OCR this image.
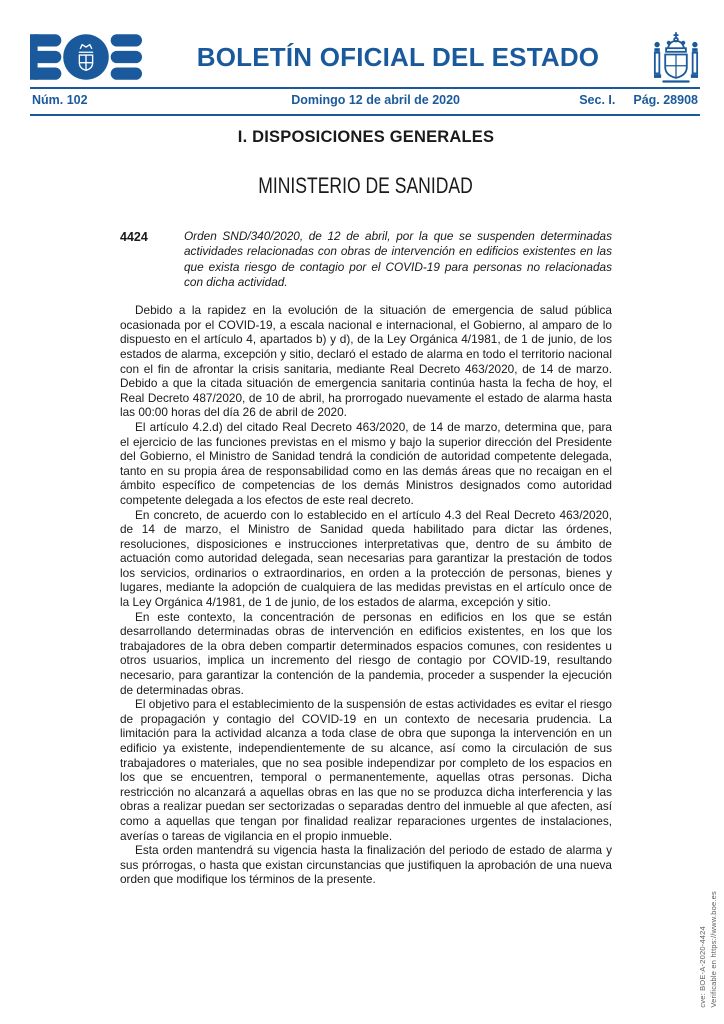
BOLETÍN OFICIAL DEL ESTADO
Núm. 102	Domingo 12 de abril de 2020	Sec. I. Pág. 28908
I. DISPOSICIONES GENERALES
MINISTERIO DE SANIDAD
4424	Orden SND/340/2020, de 12 de abril, por la que se suspenden determinadas actividades relacionadas con obras de intervención en edificios existentes en las que exista riesgo de contagio por el COVID-19 para personas no relacionadas con dicha actividad.

Debido a la rapidez en la evolución de la situación de emergencia de salud pública ocasionada por el COVID-19, a escala nacional e internacional, el Gobierno, al amparo de lo dispuesto en el artículo 4, apartados b) y d), de la Ley Orgánica 4/1981, de 1 de junio, de los estados de alarma, excepción y sitio, declaró el estado de alarma en todo el territorio nacional con el fin de afrontar la crisis sanitaria, mediante Real Decreto 463/2020, de 14 de marzo. Debido a que la citada situación de emergencia sanitaria continúa hasta la fecha de hoy, el Real Decreto 487/2020, de 10 de abril, ha prorrogado nuevamente el estado de alarma hasta las 00:00 horas del día 26 de abril de 2020.

El artículo 4.2.d) del citado Real Decreto 463/2020, de 14 de marzo, determina que, para el ejercicio de las funciones previstas en el mismo y bajo la superior dirección del Presidente del Gobierno, el Ministro de Sanidad tendrá la condición de autoridad competente delegada, tanto en su propia área de responsabilidad como en las demás áreas que no recaigan en el ámbito específico de competencias de los demás Ministros designados como autoridad competente delegada a los efectos de este real decreto.

En concreto, de acuerdo con lo establecido en el artículo 4.3 del Real Decreto 463/2020, de 14 de marzo, el Ministro de Sanidad queda habilitado para dictar las órdenes, resoluciones, disposiciones e instrucciones interpretativas que, dentro de su ámbito de actuación como autoridad delegada, sean necesarias para garantizar la prestación de todos los servicios, ordinarios o extraordinarios, en orden a la protección de personas, bienes y lugares, mediante la adopción de cualquiera de las medidas previstas en el artículo once de la Ley Orgánica 4/1981, de 1 de junio, de los estados de alarma, excepción y sitio.

En este contexto, la concentración de personas en edificios en los que se están desarrollando determinadas obras de intervención en edificios existentes, en los que los trabajadores de la obra deben compartir determinados espacios comunes, con residentes u otros usuarios, implica un incremento del riesgo de contagio por COVID-19, resultando necesario, para garantizar la contención de la pandemia, proceder a suspender la ejecución de determinadas obras.

El objetivo para el establecimiento de la suspensión de estas actividades es evitar el riesgo de propagación y contagio del COVID-19 en un contexto de necesaria prudencia. La limitación para la actividad alcanza a toda clase de obra que suponga la intervención en un edificio ya existente, independientemente de su alcance, así como la circulación de sus trabajadores o materiales, que no sea posible independizar por completo de los espacios en los que se encuentren, temporal o permanentemente, aquellas otras personas. Dicha restricción no alcanzará a aquellas obras en las que no se produzca dicha interferencia y las obras a realizar puedan ser sectorizadas o separadas dentro del inmueble al que afecten, así como a aquellas que tengan por finalidad realizar reparaciones urgentes de instalaciones, averías o tareas de vigilancia en el propio inmueble.

Esta orden mantendrá su vigencia hasta la finalización del periodo de estado de alarma y sus prórrogas, o hasta que existan circunstancias que justifiquen la aprobación de una nueva orden que modifique los términos de la presente.

cve: BOE-A-2020-4424 Verificable en https://www.boe.es
